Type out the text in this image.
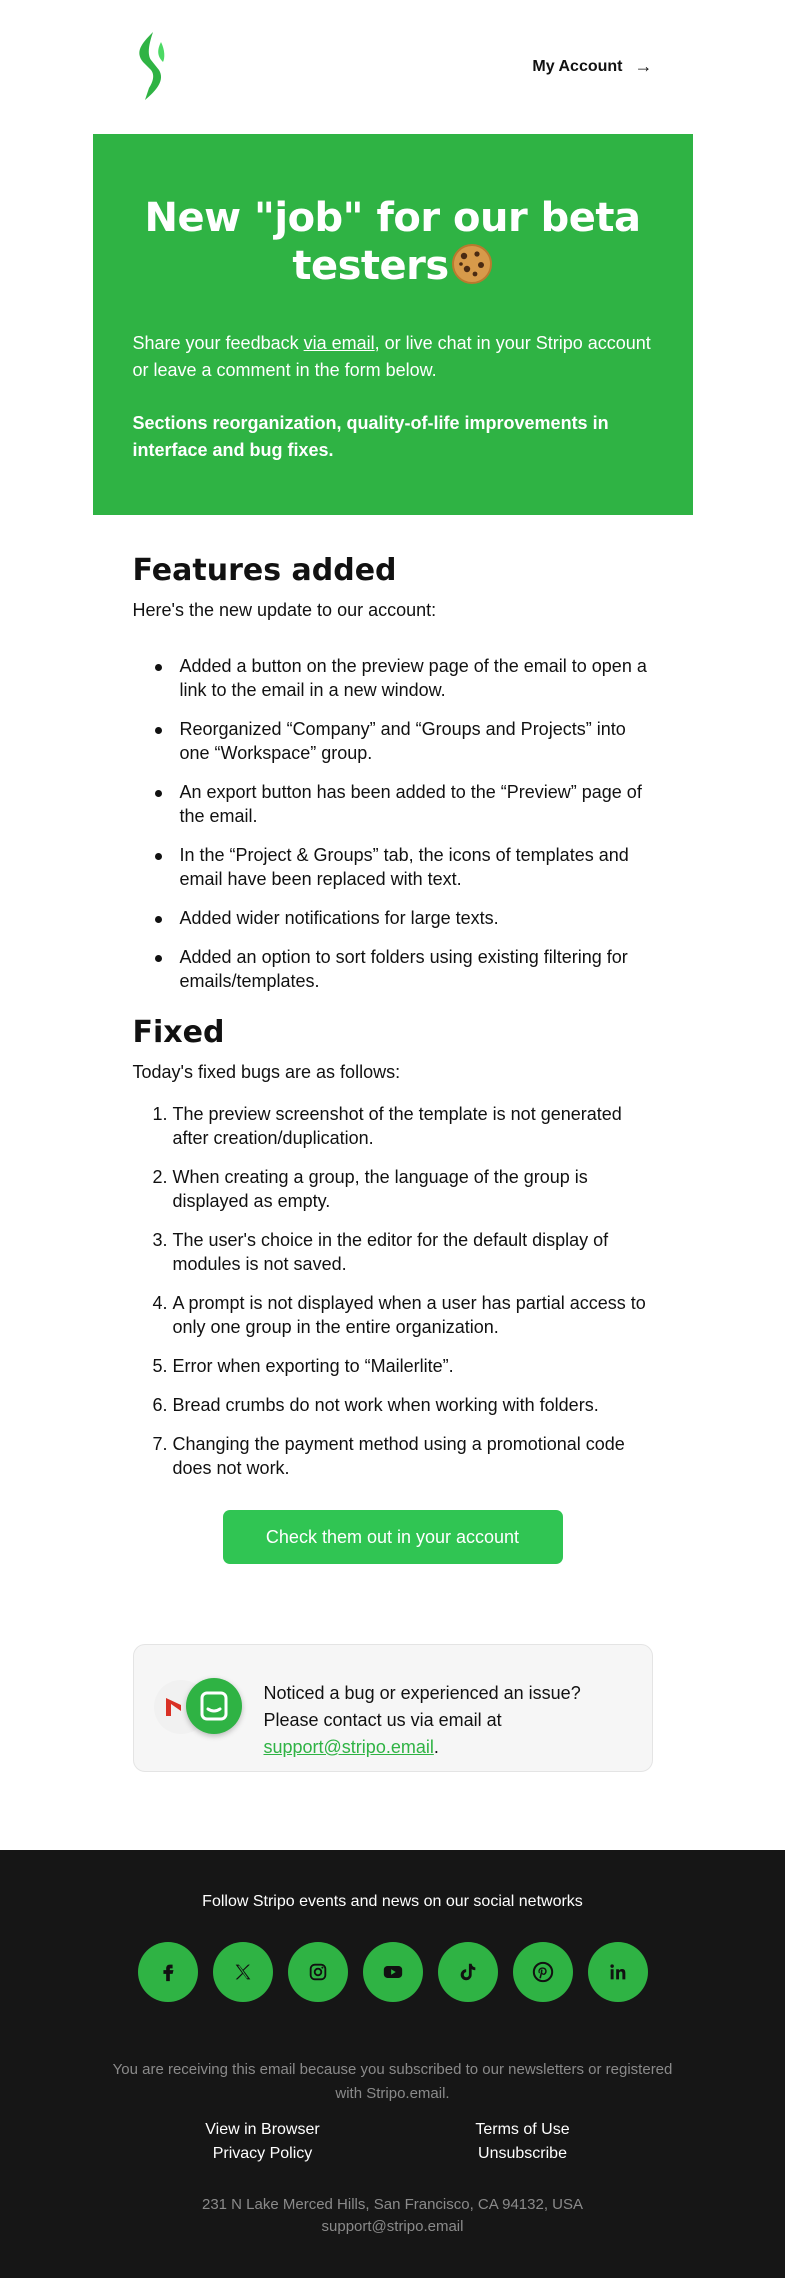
My Account →
New "job" for our beta testers

Share your feedback via email, or live chat in your Stripo account or leave a comment in the form below.

Sections reorganization, quality-of-life improvements in interface and bug fixes.

Features added

Here's the new update to our account:

Added a button on the preview page of the email to open a link to the email in a new window.
Reorganized “Company” and “Groups and Projects” into one “Workspace” group.
An export button has been added to the “Preview” page of the email.
In the “Project & Groups” tab, the icons of templates and email have been replaced with text.
Added wider notifications for large texts.
Added an option to sort folders using existing filtering for emails/templates.
Fixed

Today's fixed bugs are as follows:

1. The preview screenshot of the template is not generated after creation/duplication.
2. When creating a group, the language of the group is displayed as empty.
3. The user's choice in the editor for the default display of modules is not saved.
4. A prompt is not displayed when a user has partial access to only one group in the entire organization.
5. Error when exporting to “Mailerlite”.
6. Bread crumbs do not work when working with folders.
7. Changing the payment method using a promotional code does not work.
Check them out in your account

Noticed a bug or experienced an issue? Please contact us via email at support@stripo.email.

Follow Stripo events and news on our social networks

You are receiving this email because you subscribed to our newsletters or registered with Stripo.email.

View in Browser	Terms of Use
Privacy Policy	Unsubscribe

231 N Lake Merced Hills, San Francisco, CA 94132, USA
support@stripo.email
